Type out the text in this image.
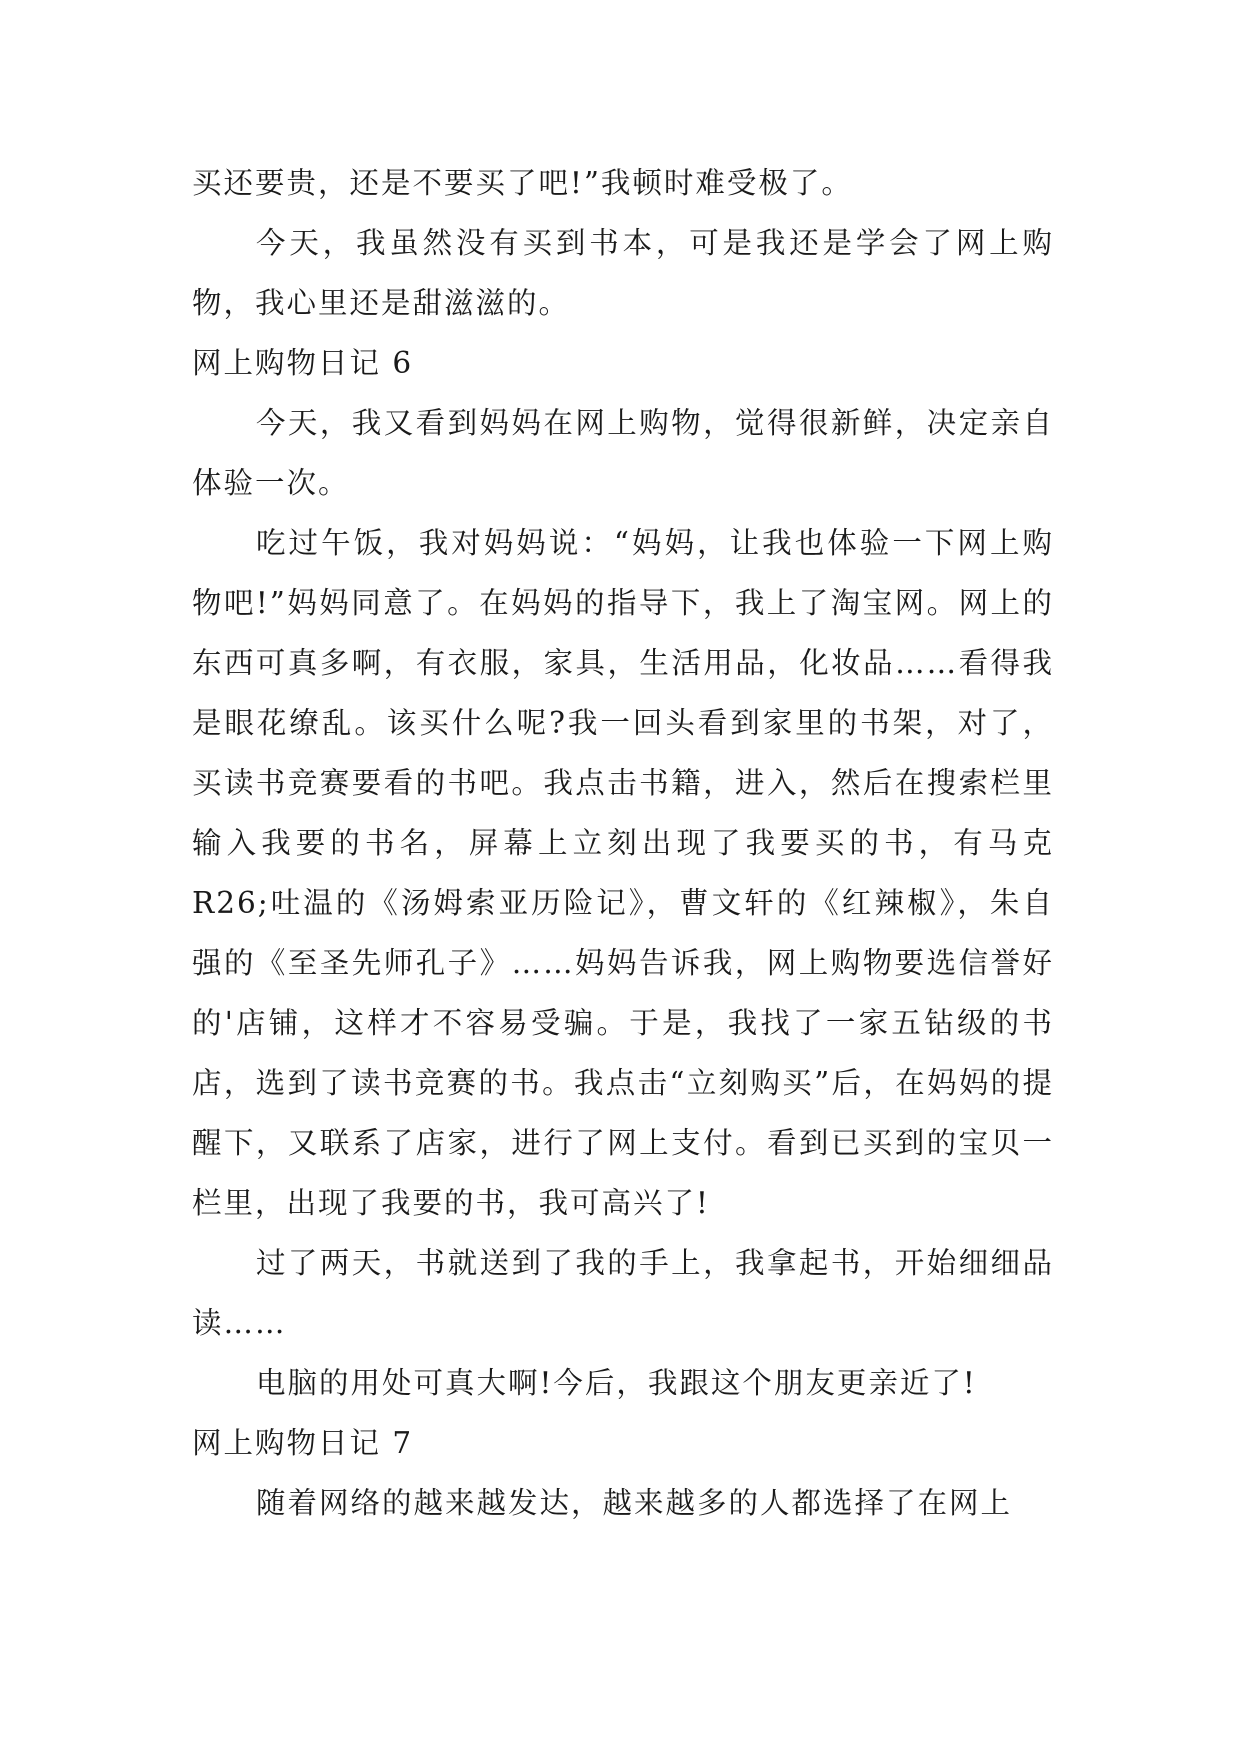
买还要贵，还是不要买了吧!”我顿时难受极了。

今天，我虽然没有买到书本，可是我还是学会了网上购物，我心里还是甜滋滋的。

网上购物日记 6

今天，我又看到妈妈在网上购物，觉得很新鲜，决定亲自体验一次。

吃过午饭，我对妈妈说：“妈妈，让我也体验一下网上购物吧!”妈妈同意了。在妈妈的指导下，我上了淘宝网。网上的东西可真多啊，有衣服，家具，生活用品，化妆品……看得我是眼花缭乱。该买什么呢?我一回头看到家里的书架，对了，买读书竞赛要看的书吧。我点击书籍，进入，然后在搜索栏里输入我要的书名，屏幕上立刻出现了我要买的书，有马克 R26;吐温的《汤姆索亚历险记》，曹文轩的《红辣椒》，朱自强的《至圣先师孔子》……妈妈告诉我，网上购物要选信誉好的'店铺，这样才不容易受骗。于是，我找了一家五钻级的书店，选到了读书竞赛的书。我点击“立刻购买”后，在妈妈的提醒下，又联系了店家，进行了网上支付。看到已买到的宝贝一栏里，出现了我要的书，我可高兴了!

过了两天，书就送到了我的手上，我拿起书，开始细细品读……

电脑的用处可真大啊!今后，我跟这个朋友更亲近了!

网上购物日记 7

随着网络的越来越发达，越来越多的人都选择了在网上
